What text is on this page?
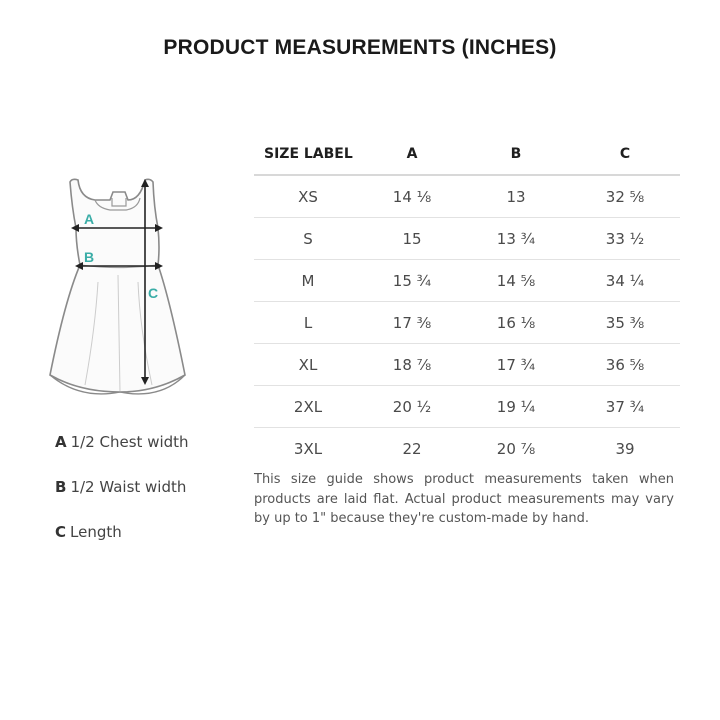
PRODUCT MEASUREMENTS (INCHES)
A
B
C
A 1/2 Chest width
B 1/2 Waist width
C Length
SIZE LABEL	A	B	C
XS	14 ⅛	13	32 ⅝
S	15	13 ¾	33 ½
M	15 ¾	14 ⅝	34 ¼
L	17 ⅜	16 ⅛	35 ⅜
XL	18 ⅞	17 ¾	36 ⅝
2XL	20 ½	19 ¼	37 ¾
3XL	22	20 ⅞	39
This size guide shows product measurements taken when products are laid flat. Actual product measurements may vary by up to 1" because they're custom-made by hand.
